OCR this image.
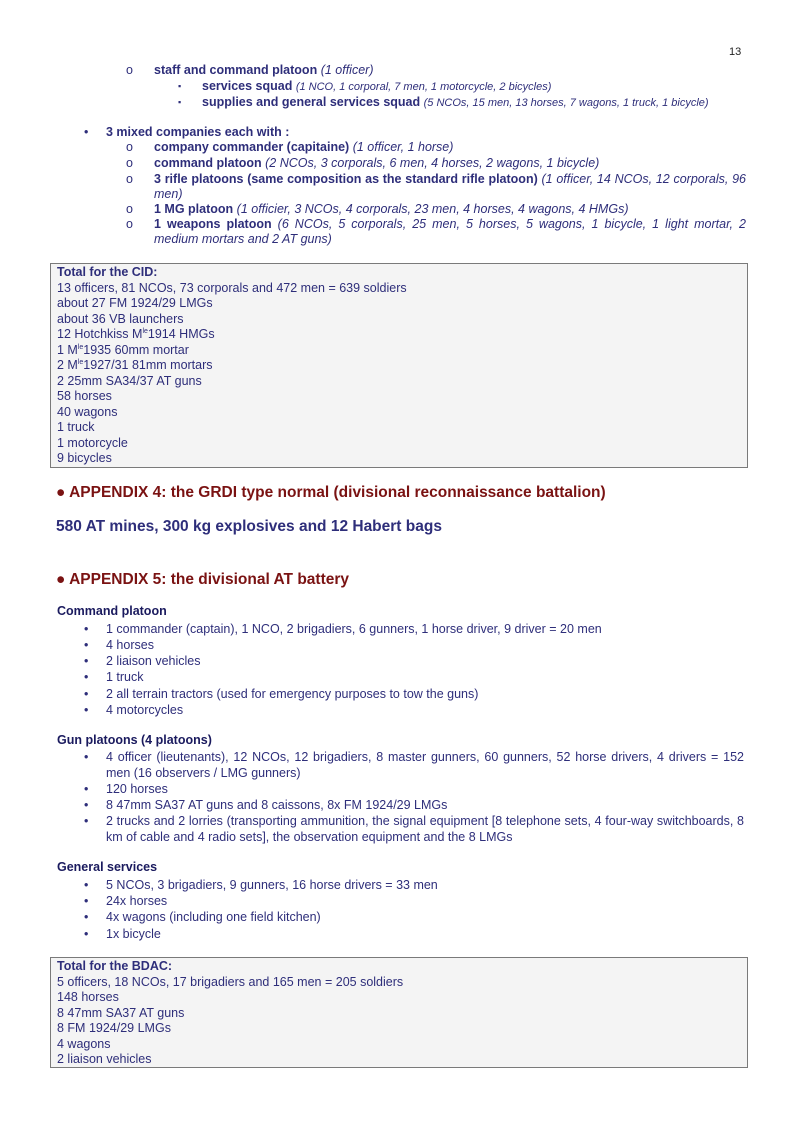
13
o staff and command platoon (1 officer)
▪ services squad (1 NCO, 1 corporal, 7 men, 1 motorcycle, 2 bicycles)
▪ supplies and general services squad (5 NCOs, 15 men, 13 horses, 7 wagons, 1 truck, 1 bicycle)
• 3 mixed companies each with :
o company commander (capitaine) (1 officer, 1 horse)
o command platoon (2 NCOs, 3 corporals, 6 men, 4 horses, 2 wagons, 1 bicycle)
o 3 rifle platoons (same composition as the standard rifle platoon) (1 officer, 14 NCOs, 12 corporals, 96 men)
o 1 MG platoon (1 officier, 3 NCOs, 4 corporals, 23 men, 4 horses, 4 wagons, 4 HMGs)
o 1 weapons platoon (6 NCOs, 5 corporals, 25 men, 5 horses, 5 wagons, 1 bicycle, 1 light mortar, 2 medium mortars and 2 AT guns)
Total for the CID:
13 officers, 81 NCOs, 73 corporals and 472 men = 639 soldiers
about 27 FM 1924/29 LMGs
about 36 VB launchers
12 Hotchkiss $M^{le}1914$ HMGs
1 $M^{le}1935$ 60mm mortar
2 $M^{le}1927/31$ 81mm mortars
2 25mm SA34/37 AT guns
58 horses
40 wagons
1 truck
1 motorcycle
9 bicycles
● APPENDIX 4: the GRDI type normal (divisional reconnaissance battalion)
580 AT mines, 300 kg explosives and 12 Habert bags
● APPENDIX 5: the divisional AT battery
Command platoon
• 1 commander (captain), 1 NCO, 2 brigadiers, 6 gunners, 1 horse driver, 9 driver = 20 men
• 4 horses
• 2 liaison vehicles
• 1 truck
• 2 all terrain tractors (used for emergency purposes to tow the guns)
• 4 motorcycles
Gun platoons (4 platoons)
• 4 officer (lieutenants), 12 NCOs, 12 brigadiers, 8 master gunners, 60 gunners, 52 horse drivers, 4 drivers = 152 men (16 observers / LMG gunners)
• 120 horses
• 8 47mm SA37 AT guns and 8 caissons, 8x FM 1924/29 LMGs
• 2 trucks and 2 lorries (transporting ammunition, the signal equipment [8 telephone sets, 4 four-way switchboards, 8 km of cable and 4 radio sets], the observation equipment and the 8 LMGs
General services
• 5 NCOs, 3 brigadiers, 9 gunners, 16 horse drivers = 33 men
• 24x horses
• 4x wagons (including one field kitchen)
• 1x bicycle
Total for the BDAC:
5 officers, 18 NCOs, 17 brigadiers and 165 men = 205 soldiers
148 horses
8 47mm SA37 AT guns
8 FM 1924/29 LMGs
4 wagons
2 liaison vehicles
